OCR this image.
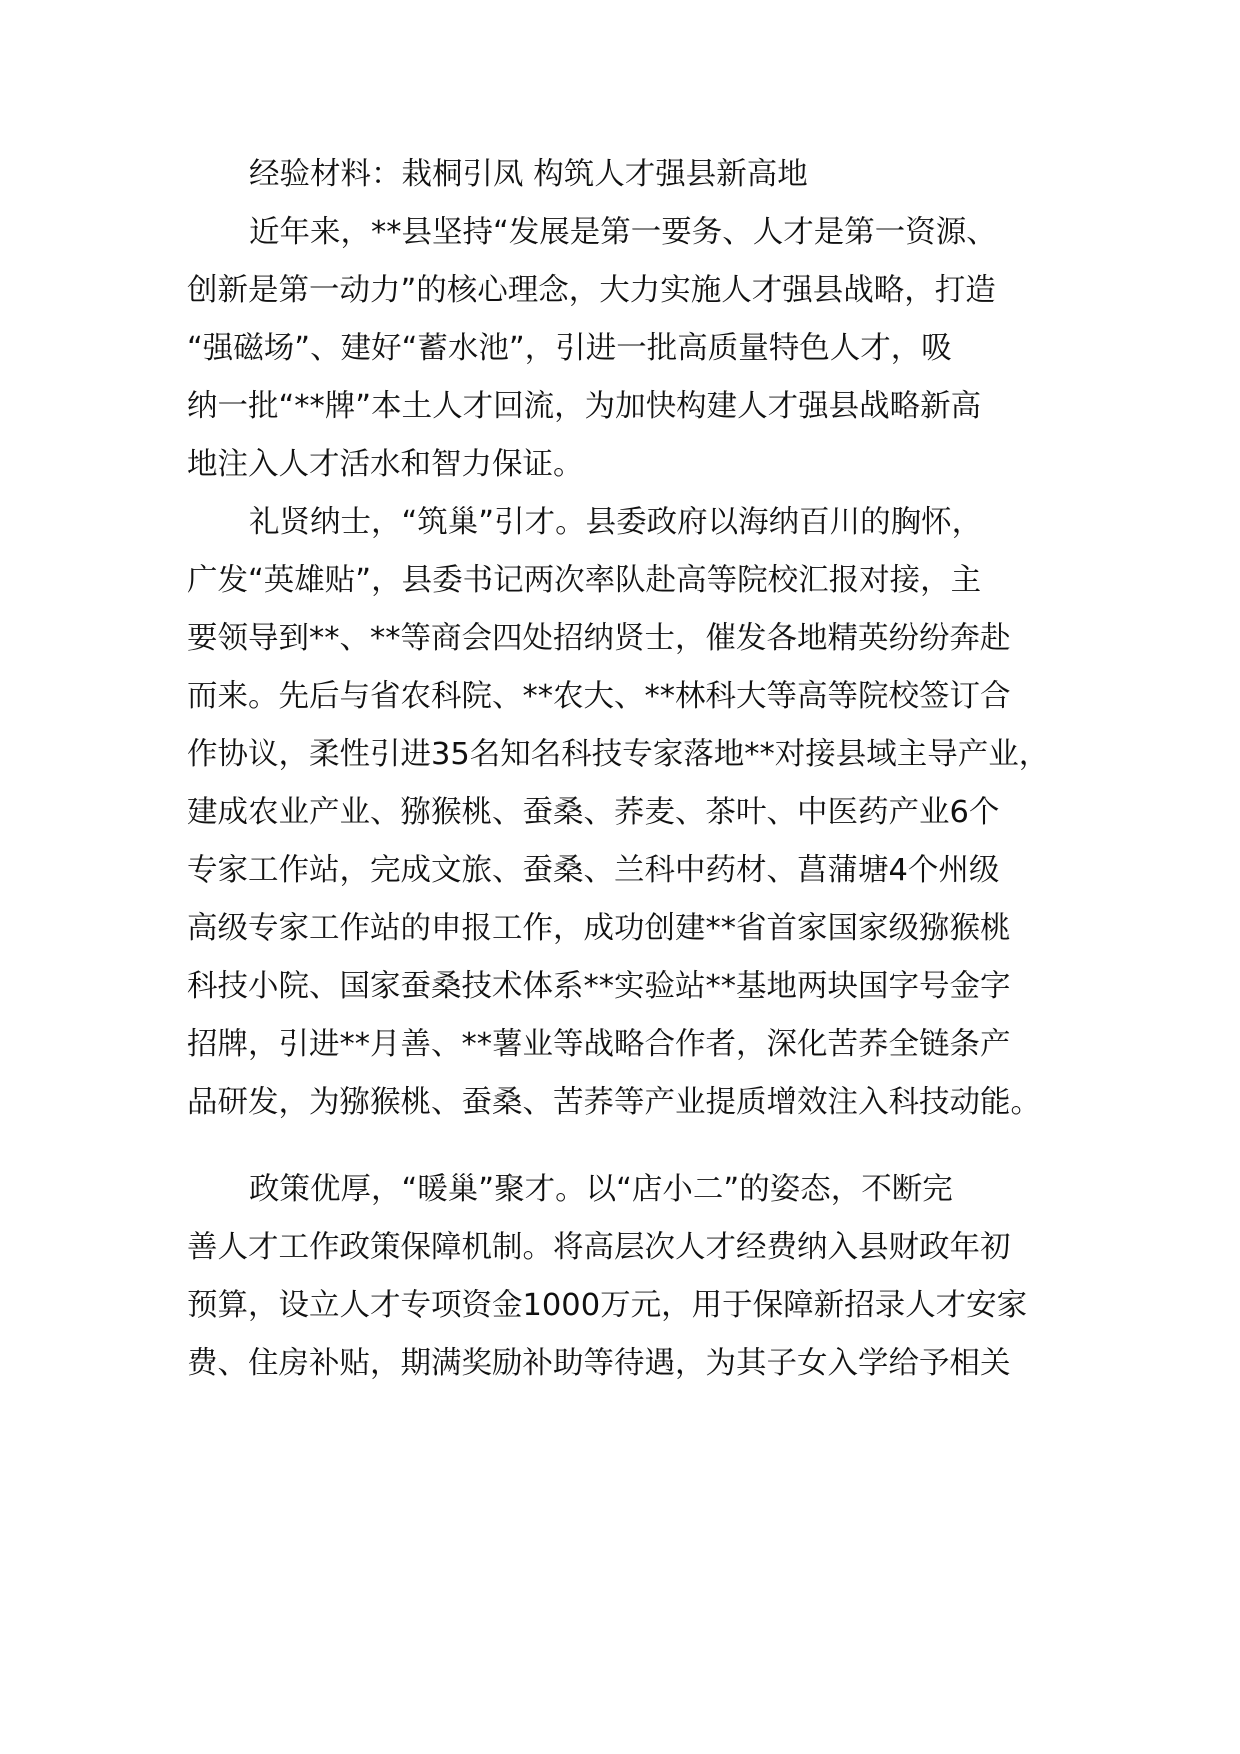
经验材料：栽桐引凤 构筑人才强县新高地
近年来，**县坚持“发展是第一要务、人才是第一资源、
创新是第一动力”的核心理念，大力实施人才强县战略，打造
“强磁场”、建好“蓄水池”，引进一批高质量特色人才，吸
纳一批“**牌”本土人才回流，为加快构建人才强县战略新高
地注入人才活水和智力保证。
礼贤纳士，“筑巢”引才。县委政府以海纳百川的胸怀，
广发“英雄贴”，县委书记两次率队赴高等院校汇报对接，主
要领导到**、**等商会四处招纳贤士，催发各地精英纷纷奔赴
而来。先后与省农科院、**农大、**林科大等高等院校签订合
作协议，柔性引进35名知名科技专家落地**对接县域主导产业，
建成农业产业、猕猴桃、蚕桑、荞麦、茶叶、中医药产业6个
专家工作站，完成文旅、蚕桑、兰科中药材、菖蒲塘4个州级
高级专家工作站的申报工作，成功创建**省首家国家级猕猴桃
科技小院、国家蚕桑技术体系**实验站**基地两块国字号金字
招牌，引进**月善、**薯业等战略合作者，深化苦荞全链条产
品研发，为猕猴桃、蚕桑、苦荞等产业提质增效注入科技动能。
政策优厚，“暖巢”聚才。以“店小二”的姿态，不断完
善人才工作政策保障机制。将高层次人才经费纳入县财政年初
预算，设立人才专项资金1000万元，用于保障新招录人才安家
费、住房补贴，期满奖励补助等待遇，为其子女入学给予相关
